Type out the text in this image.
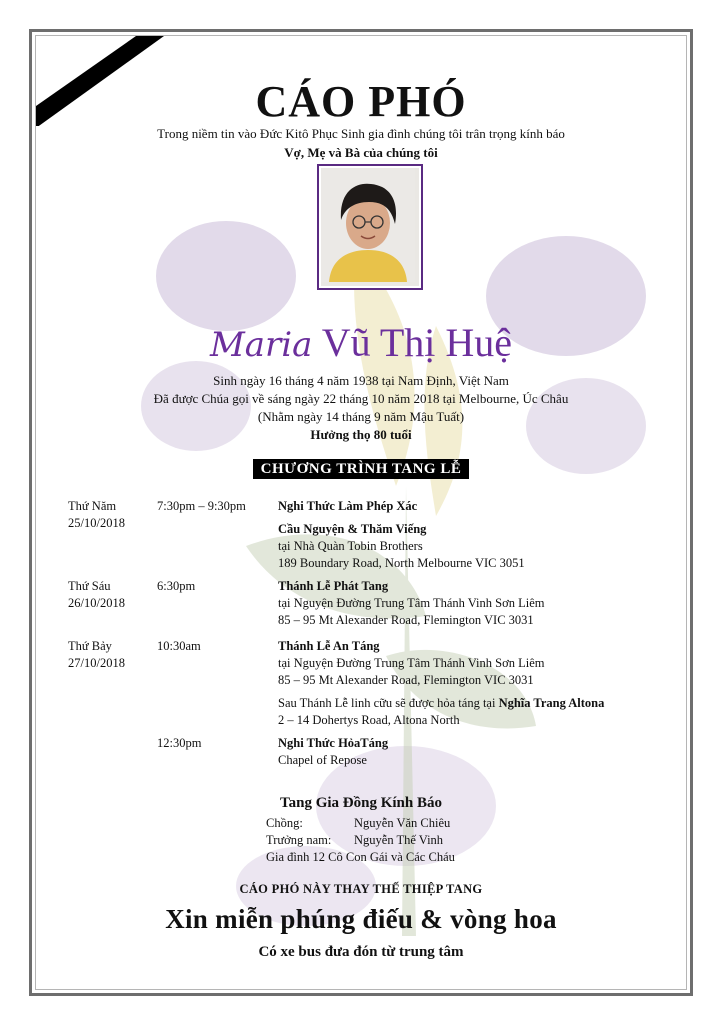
CÁO PHÓ
Trong niềm tin vào Đức Kitô Phục Sinh gia đình chúng tôi trân trọng kính báo
Vợ, Mẹ và Bà của chúng tôi
Maria Vũ Thị Huệ
Sinh ngày 16 tháng 4 năm 1938 tại Nam Định, Việt Nam
Đã được Chúa gọi về sáng ngày 22 tháng 10 năm 2018 tại Melbourne, Úc Châu
(Nhằm ngày 14 tháng 9 năm Mậu Tuất)
Hưởng thọ 80 tuổi
CHƯƠNG TRÌNH TANG LỄ
Thứ Năm
25/10/2018
7:30pm – 9:30pm	Nghi Thức Làm Phép Xác
Cầu Nguyện & Thăm Viếng
tại Nhà Quàn Tobin Brothers
189 Boundary Road, North Melbourne VIC 3051
Thứ Sáu
26/10/2018
6:30pm	Thánh Lễ Phát Tang
tại Nguyện Đường Trung Tâm Thánh Vinh Sơn Liêm
85 – 95 Mt Alexander Road, Flemington VIC 3031
Thứ Bảy
27/10/2018
10:30am	Thánh Lễ An Táng
tại Nguyện Đường Trung Tâm Thánh Vinh Sơn Liêm
85 – 95 Mt Alexander Road, Flemington VIC 3031
Sau Thánh Lễ linh cữu sẽ được hỏa táng tại Nghĩa Trang Altona
2 – 14 Dohertys Road, Altona North
12:30pm	Nghi Thức HỏaTáng
Chapel of Repose
Tang Gia Đồng Kính Báo
Chồng:	Nguyễn Văn Chiêu
Trưởng nam: Nguyễn Thế Vinh
Gia đình 12 Cô Con Gái và Các Cháu
CÁO PHÓ NÀY THAY THẾ THIỆP TANG
Xin miễn phúng điếu & vòng hoa
Có xe bus đưa đón từ trung tâm
